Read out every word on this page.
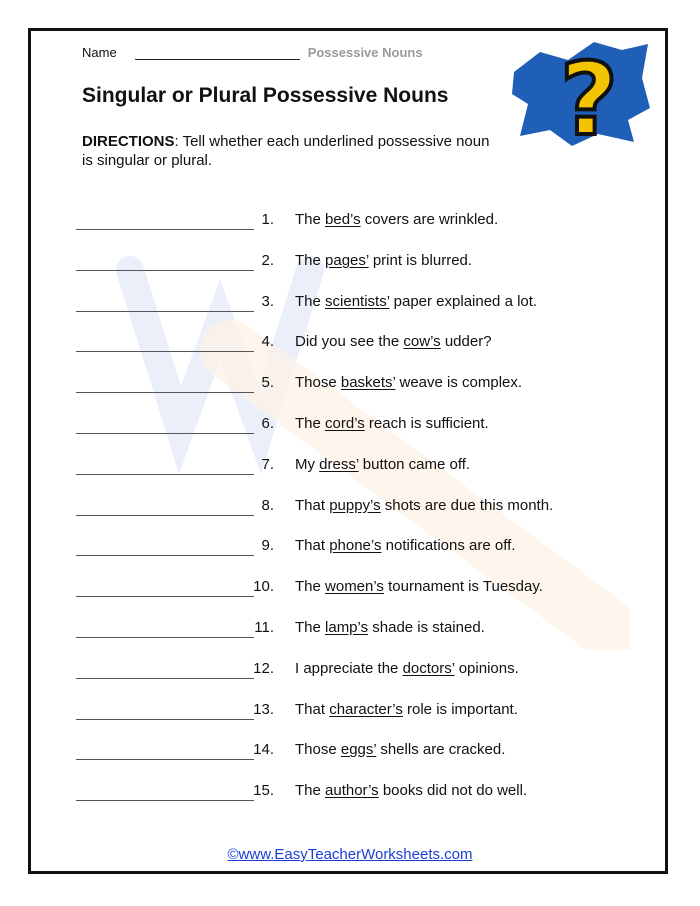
Name	Possessive Nouns ?
Singular or Plural Possessive Nouns
DIRECTIONS: Tell whether each underlined possessive noun is singular or plural.
1. The bed’s covers are wrinkled.
2. The pages’ print is blurred.
3. The scientists’ paper explained a lot.
4. Did you see the cow’s udder?
5. Those baskets’ weave is complex.
6. The cord’s reach is sufficient.
7. My dress’ button came off.
8. That puppy’s shots are due this month.
9. That phone’s notifications are off.
10. The women’s tournament is Tuesday.
11. The lamp’s shade is stained.
12. I appreciate the doctors’ opinions.
13. That character’s role is important.
14. Those eggs’ shells are cracked.
15. The author’s books did not do well.
©www.EasyTeacherWorksheets.com
